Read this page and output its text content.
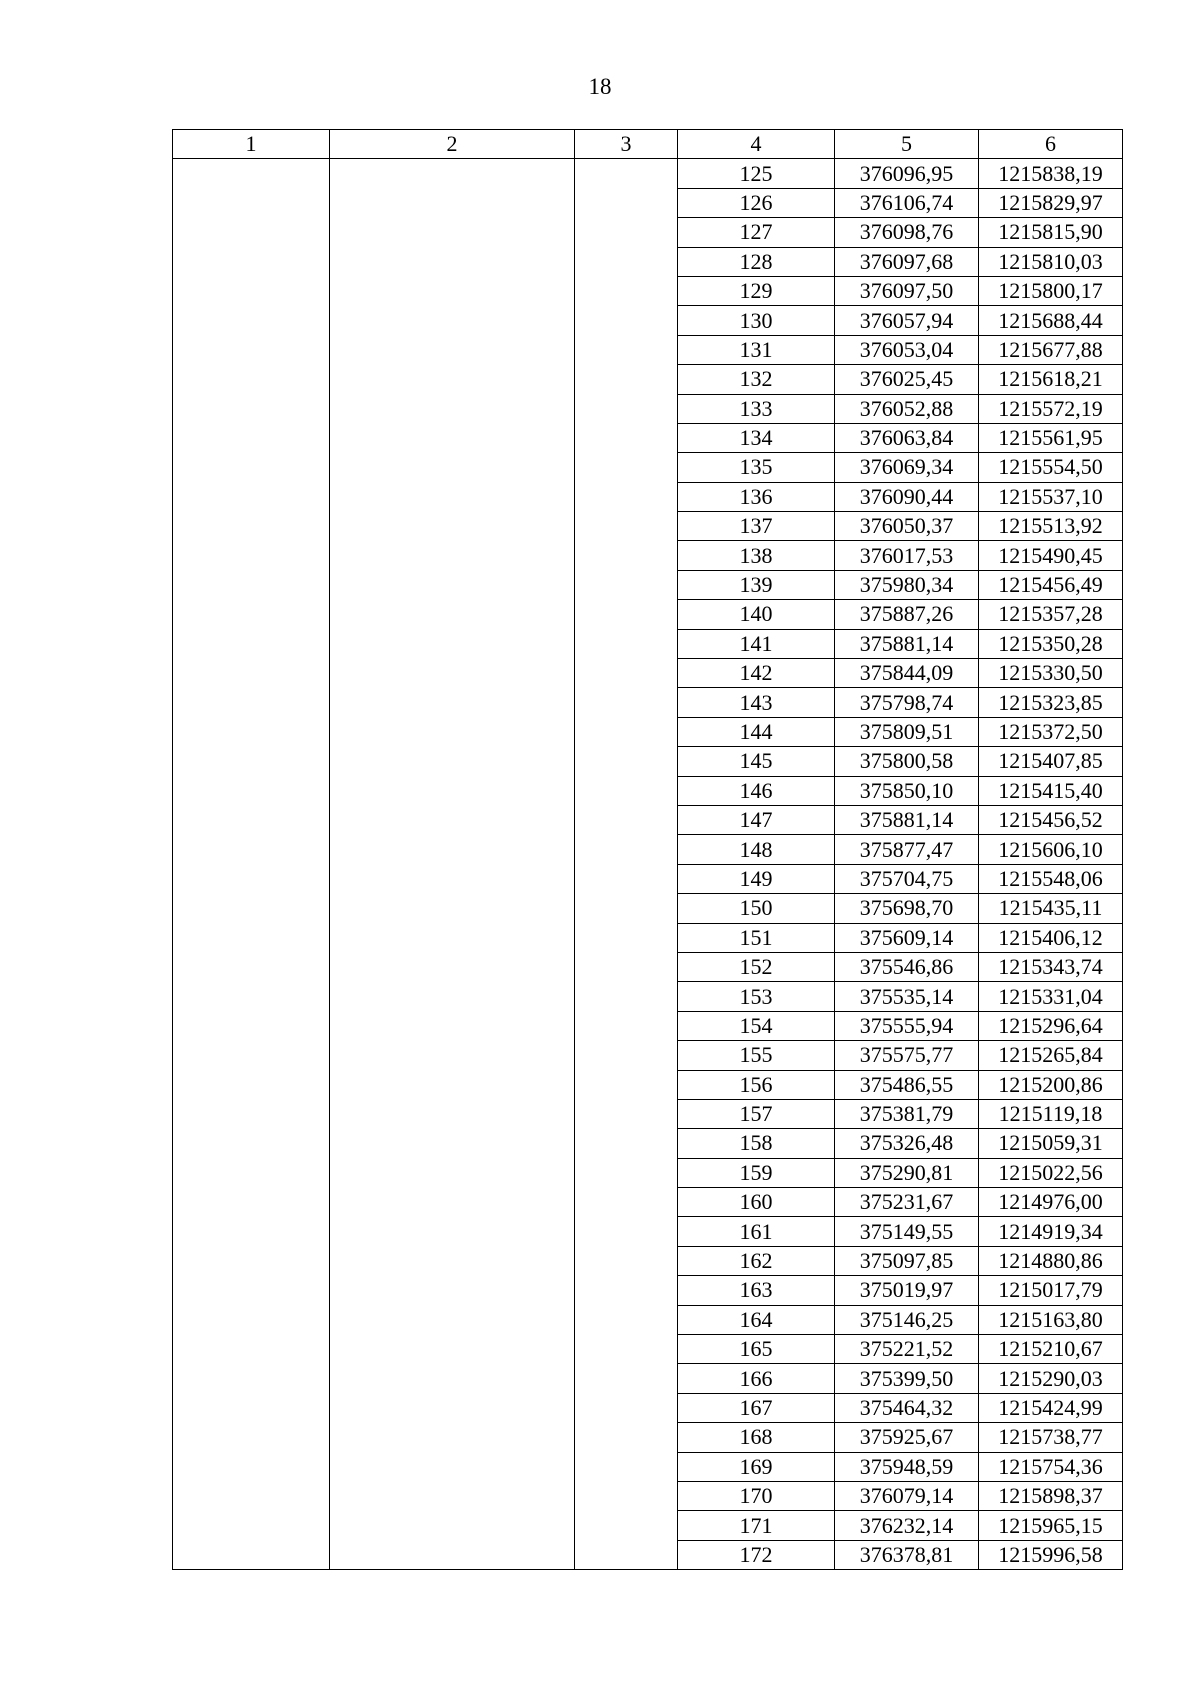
18
1	2	3	4	5	6
			125	376096,95	1215838,19
			126	376106,74	1215829,97
			127	376098,76	1215815,90
			128	376097,68	1215810,03
			129	376097,50	1215800,17
			130	376057,94	1215688,44
			131	376053,04	1215677,88
			132	376025,45	1215618,21
			133	376052,88	1215572,19
			134	376063,84	1215561,95
			135	376069,34	1215554,50
			136	376090,44	1215537,10
			137	376050,37	1215513,92
			138	376017,53	1215490,45
			139	375980,34	1215456,49
			140	375887,26	1215357,28
			141	375881,14	1215350,28
			142	375844,09	1215330,50
			143	375798,74	1215323,85
			144	375809,51	1215372,50
			145	375800,58	1215407,85
			146	375850,10	1215415,40
			147	375881,14	1215456,52
			148	375877,47	1215606,10
			149	375704,75	1215548,06
			150	375698,70	1215435,11
			151	375609,14	1215406,12
			152	375546,86	1215343,74
			153	375535,14	1215331,04
			154	375555,94	1215296,64
			155	375575,77	1215265,84
			156	375486,55	1215200,86
			157	375381,79	1215119,18
			158	375326,48	1215059,31
			159	375290,81	1215022,56
			160	375231,67	1214976,00
			161	375149,55	1214919,34
			162	375097,85	1214880,86
			163	375019,97	1215017,79
			164	375146,25	1215163,80
			165	375221,52	1215210,67
			166	375399,50	1215290,03
			167	375464,32	1215424,99
			168	375925,67	1215738,77
			169	375948,59	1215754,36
			170	376079,14	1215898,37
			171	376232,14	1215965,15
			172	376378,81	1215996,58
